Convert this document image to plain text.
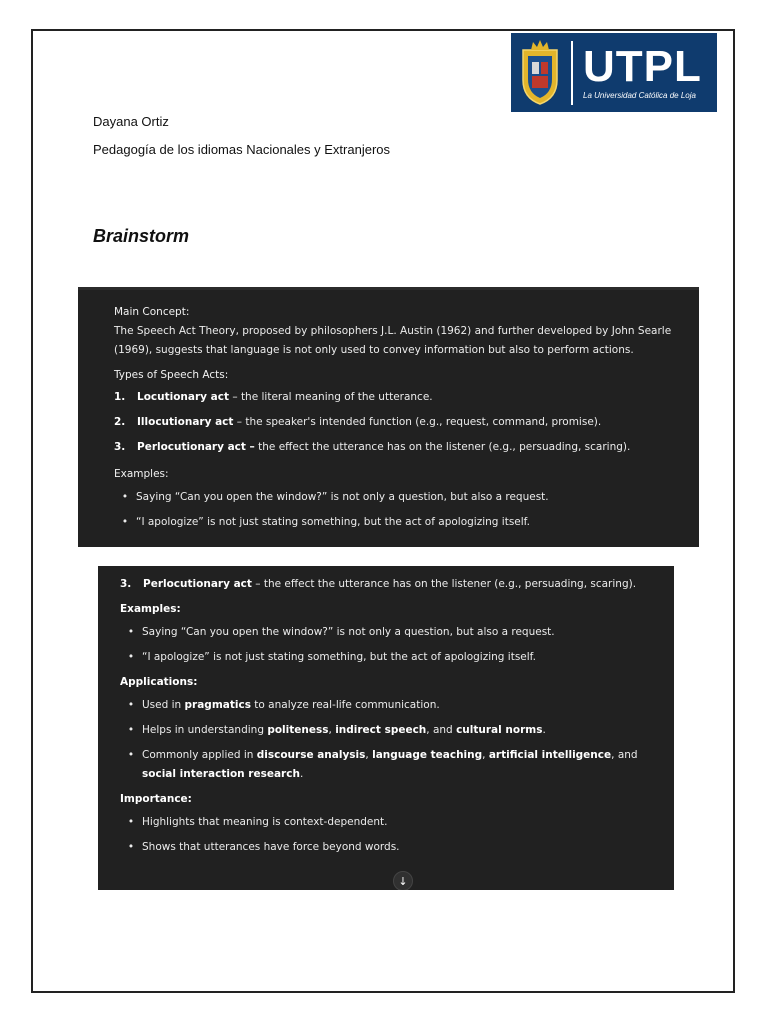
UTPL
La Universidad Católica de Loja
Dayana Ortiz
Pedagogía de los idiomas Nacionales y Extranjeros
Brainstorm

Main Concept:

The Speech Act Theory, proposed by philosophers J.L. Austin (1962) and further developed by John Searle (1969), suggests that language is not only used to convey information but also to perform actions.

Types of Speech Acts:

1.	Locutionary act – the literal meaning of the utterance.
2.	Illocutionary act – the speaker's intended function (e.g., request, command, promise).
3.	Perlocutionary act – the effect the utterance has on the listener (e.g., persuading, scaring).

Examples:

• Saying “Can you open the window?” is not only a question, but also a request.
• “I apologize” is not just stating something, but the act of apologizing itself.
3.	Perlocutionary act – the effect the utterance has on the listener (e.g., persuading, scaring).

Examples:

• Saying “Can you open the window?” is not only a question, but also a request.
• “I apologize” is not just stating something, but the act of apologizing itself.

Applications:

• Used in pragmatics to analyze real-life communication.
• Helps in understanding politeness, indirect speech, and cultural norms.
• Commonly applied in discourse analysis, language teaching, artificial intelligence, and social interaction research.

Importance:

• Highlights that meaning is context-dependent.
• Shows that utterances have force beyond words.
↓
